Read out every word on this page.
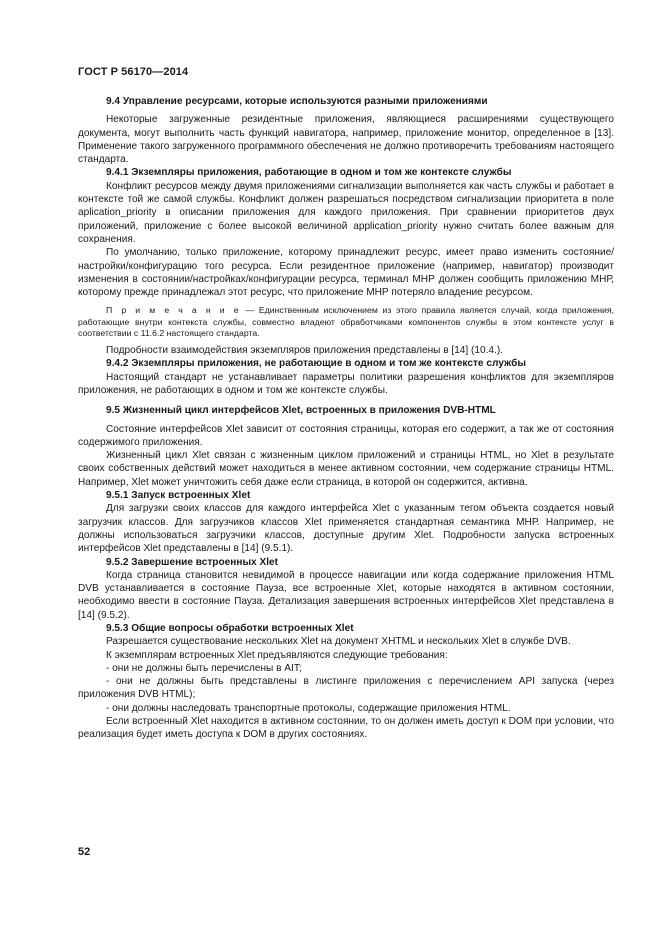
ГОСТ Р 56170—2014

9.4 Управление ресурсами, которые используются разными приложениями

Некоторые загруженные резидентные приложения, являющиеся расширениями существующего документа, могут выполнить часть функций навигатора, например, приложение монитор, определенное в [13]. Применение такого загруженного программного обеспечения не должно противоречить требованиям настоящего стандарта.

9.4.1 Экземпляры приложения, работающие в одном и том же контексте службы

Конфликт ресурсов между двумя приложениями сигнализации выполняется как часть службы и работает в контексте той же самой службы. Конфликт должен разрешаться посредством сигнализации приоритета в поле aplication_priority в описании приложения для каждого приложения. При сравнении приоритетов двух приложений, приложение с более высокой величиной application_priority нужно считать более важным для сохранения.

По умолчанию, только приложение, которому принадлежит ресурс, имеет право изменить состояние/настройки/конфигурацию того ресурса. Если резидентное приложение (например, навигатор) производит изменения в состоянии/настройках/конфигурации ресурса, терминал МНР должен сообщить приложению МНР, которому прежде принадлежал этот ресурс, что приложение МНР потеряло владение ресурсом.

П р и м е ч а н и е — Единственным исключением из этого правила является случай, когда приложения, работающие внутри контекста службы, совместно владеют обработчиками компонентов службы в этом контексте услуг в соответствии с 11.6.2 настоящего стандарта.

Подробности взаимодействия экземпляров приложения представлены в [14] (10.4.).

9.4.2 Экземпляры приложения, не работающие в одном и том же контексте службы

Настоящий стандарт не устанавливает параметры политики разрешения конфликтов для экземпляров приложения, не работающих в одном и том же контексте службы.

9.5 Жизненный цикл интерфейсов Xlet, встроенных в приложения DVB-HTML

Состояние интерфейсов Xlet зависит от состояния страницы, которая его содержит, а так же от состояния содержимого приложения.

Жизненный цикл Xlet связан с жизненным циклом приложений и страницы HTML, но Xlet в результате своих собственных действий может находиться в менее активном состоянии, чем содержание страницы HTML. Например, Xlet может уничтожить себя даже если страница, в которой он содержится, активна.

9.5.1 Запуск встроенных Xlet

Для загрузки своих классов для каждого интерфейса Xlet с указанным тегом объекта создается новый загрузчик классов. Для загрузчиков классов Xlet применяется стандартная семантика МНР. Например, не должны использоваться загрузчики классов, доступные другим Xlet. Подробности запуска встроенных интерфейсов Xlet представлены в [14] (9.5.1).

9.5.2 Завершение встроенных Xlet

Когда страница становится невидимой в процессе навигации или когда содержание приложения HTML DVB устанавливается в состояние Пауза, все встроенные Xlet, которые находятся в активном состоянии, необходимо ввести в состояние Пауза. Детализация завершения встроенных интерфейсов Xlet представлена в [14] (9.5.2).

9.5.3 Общие вопросы обработки встроенных Xlet

Разрешается существование нескольких Xlet на документ XHTML и нескольких Xlet в службе DVB.

К экземплярам встроенных Xlet предъявляются следующие требования:

- они не должны быть перечислены в AIT;

- они не должны быть представлены в листинге приложения с перечислением API запуска (через приложения DVB HTML);

- они должны наследовать транспортные протоколы, содержащие приложения HTML.

Если встроенный Xlet находится в активном состоянии, то он должен иметь доступ к DOM при условии, что реализация будет иметь доступа к DOM в других состояниях.

52
